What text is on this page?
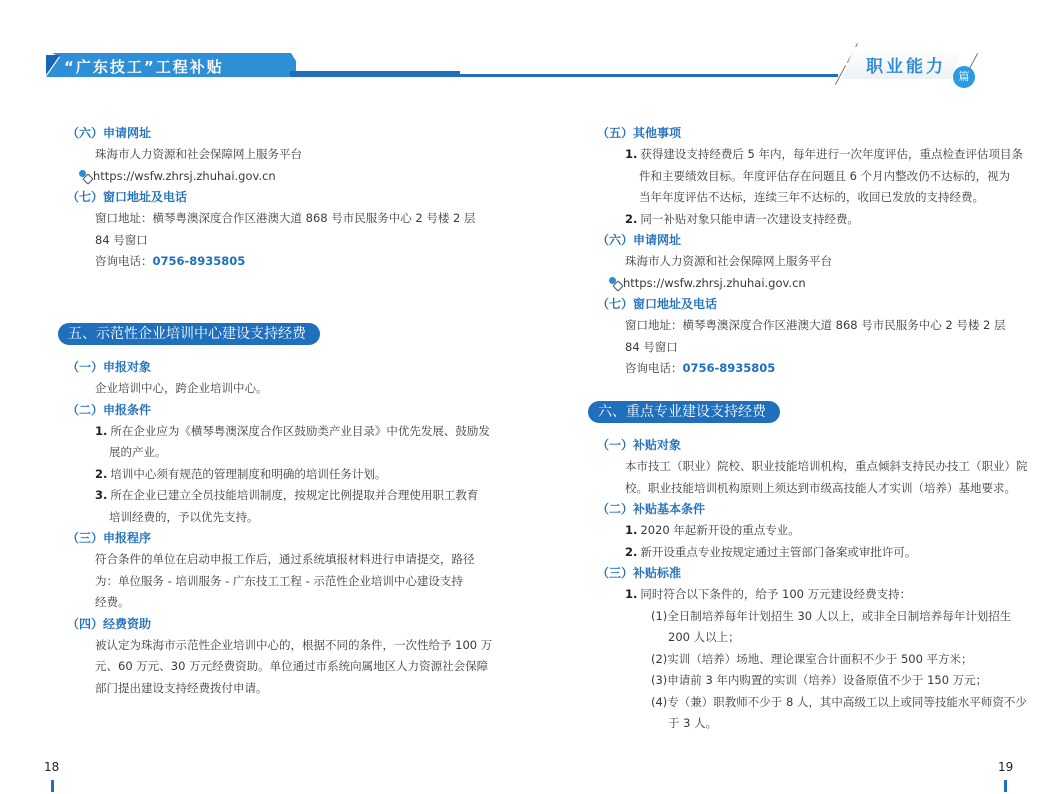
“广东技工”工程补贴	职业能力	篇
（六）申请网址
珠海市人力资源和社会保障网上服务平台
https://wsfw.zhrsj.zhuhai.gov.cn
（七）窗口地址及电话
窗口地址：横琴粤澳深度合作区港澳大道 868 号市民服务中心 2 号楼 2 层
84 号窗口
咨询电话：0756-8935805
五、示范性企业培训中心建设支持经费
（一）申报对象
企业培训中心，跨企业培训中心。
（二）申报条件
1. 所在企业应为《横琴粤澳深度合作区鼓励类产业目录》中优先发展、鼓励发
展的产业。
2. 培训中心须有规范的管理制度和明确的培训任务计划。
3. 所在企业已建立全员技能培训制度，按规定比例提取并合理使用职工教育
培训经费的，予以优先支持。
（三）申报程序
符合条件的单位在启动申报工作后，通过系统填报材料进行申请提交，路径
为：单位服务 - 培训服务 - 广东技工工程 - 示范性企业培训中心建设支持
经费。
（四）经费资助
被认定为珠海市示范性企业培训中心的，根据不同的条件，一次性给予 100 万
元、60 万元、30 万元经费资助。单位通过市系统向属地区人力资源社会保障
部门提出建设支持经费拨付申请。
（五）其他事项
1. 获得建设支持经费后 5 年内，每年进行一次年度评估，重点检查评估项目条
件和主要绩效目标。年度评估存在问题且 6 个月内整改仍不达标的，视为
当年年度评估不达标，连续三年不达标的，收回已发放的支持经费。
2. 同一补贴对象只能申请一次建设支持经费。
（六）申请网址
珠海市人力资源和社会保障网上服务平台
https://wsfw.zhrsj.zhuhai.gov.cn
（七）窗口地址及电话
窗口地址：横琴粤澳深度合作区港澳大道 868 号市民服务中心 2 号楼 2 层
84 号窗口
咨询电话：0756-8935805
六、重点专业建设支持经费
（一）补贴对象
本市技工（职业）院校、职业技能培训机构，重点倾斜支持民办技工（职业）院
校。职业技能培训机构原则上须达到市级高技能人才实训（培养）基地要求。
（二）补贴基本条件
1. 2020 年起新开设的重点专业。
2. 新开设重点专业按规定通过主管部门备案或审批许可。
（三）补贴标准
1. 同时符合以下条件的，给予 100 万元建设经费支持：
(1)全日制培养每年计划招生 30 人以上，或非全日制培养每年计划招生
200 人以上；
(2)实训（培养）场地、理论课室合计面积不少于 500 平方米；
(3)申请前 3 年内购置的实训（培养）设备原值不少于 150 万元；
(4)专（兼）职教师不少于 8 人，其中高级工以上或同等技能水平师资不少
于 3 人。
18	19
